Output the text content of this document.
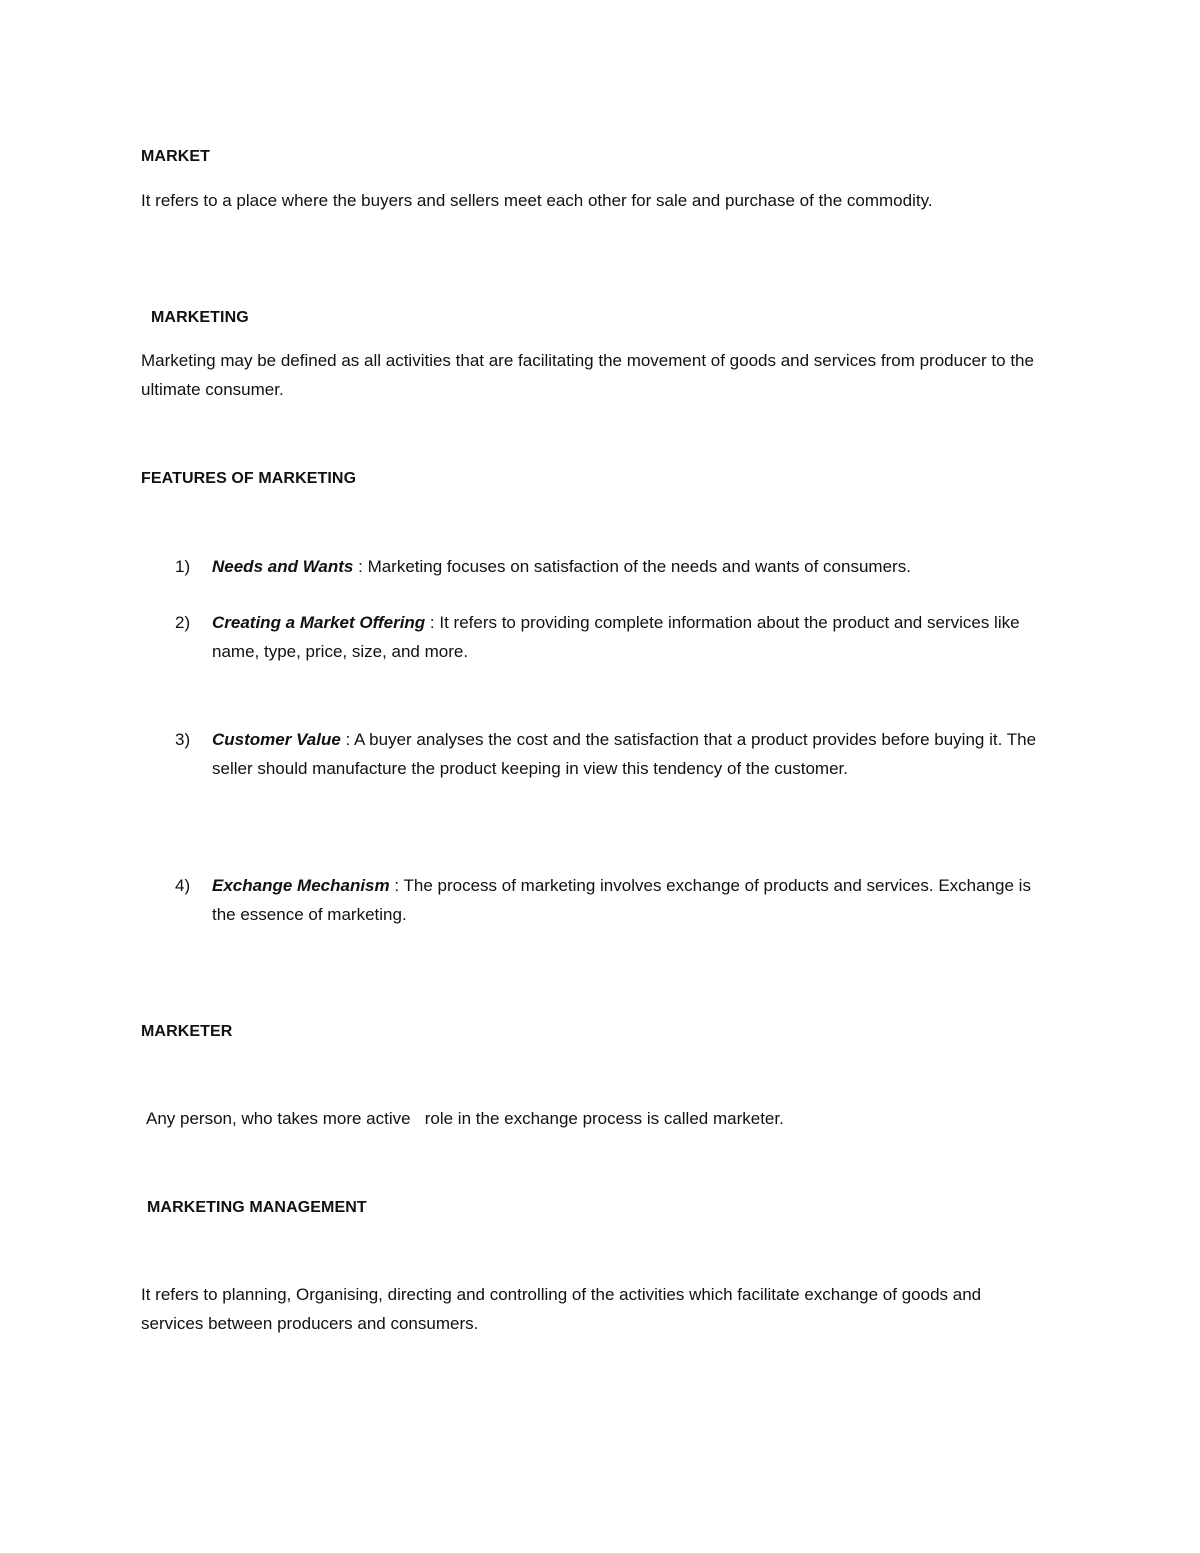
MARKET

It refers to a place where the buyers and sellers meet each other for sale and purchase of the commodity.

MARKETING

Marketing may be defined as all activities that are facilitating the movement of goods and services from producer to the ultimate consumer.

FEATURES OF MARKETING
1)	Needs and Wants : Marketing focuses on satisfaction of the needs and wants of consumers.
2)	Creating a Market Offering : It refers to providing complete information about the product and services like name, type, price, size, and more.
3)	Customer Value : A buyer analyses the cost and the satisfaction that a product provides before buying it. The seller should manufacture the product keeping in view this tendency of the customer.
4)	Exchange Mechanism : The process of marketing involves exchange of products and services. Exchange is the essence of marketing.
MARKETER

Any person, who takes more active   role in the exchange process is called marketer.

MARKETING MANAGEMENT

It refers to planning, Organising, directing and controlling of the activities which facilitate exchange of goods and services between producers and consumers.
